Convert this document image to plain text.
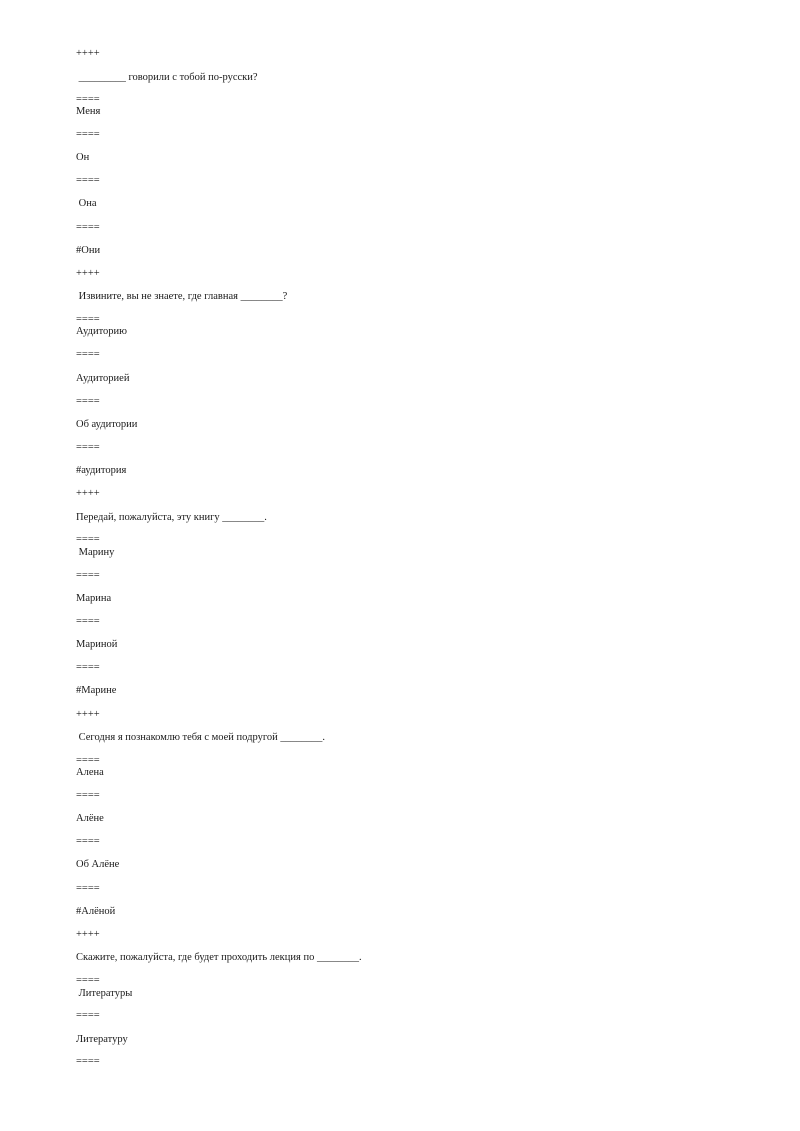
++++
_________ говорили с тобой по-русски?
====
Меня
====
Он
====
Она
====
#Они
++++
Извините, вы не знаете, где главная ________?
====
Аудиторию
====
Аудиторией
====
Об аудитории
====
#аудитория
++++
Передай, пожалуйста, эту книгу ________.
====
Марину
====
Марина
====
Мариной
====
#Марине
++++
Сегодня я познакомлю тебя с моей подругой ________.
====
Алена
====
Алёне
====
Об Алёне
====
#Алёной
++++
Скажите, пожалуйста, где будет проходить лекция по ________.
====
Литературы
====
Литературу
====
